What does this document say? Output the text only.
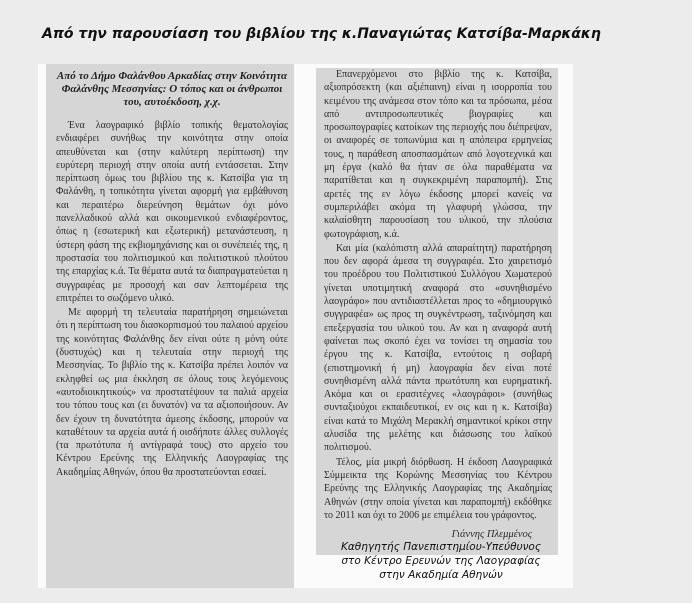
Από την παρουσίαση του βιβλίου της κ.Παναγιώτας Κατσίβα-Μαρκάκη

Από το Δήμο Φαλάνθου Αρκαδίας στην Κοινότητα Φαλάνθης Μεσσηνίας: Ο τόπος και οι άνθρωποι του, αυτοέκδοση, χ.χ.

Ένα λαογραφικό βιβλίο τοπικής θεματολογίας ενδιαφέρει συνήθως την κοινότητα στην οποία απευθύνεται και (στην καλύτερη περίπτωση) την ευρύτερη περιοχή στην οποία αυτή εντάσσεται. Στην περίπτωση όμως του βιβλίου της κ. Κατσίβα για τη Φαλάνθη, η τοπικότητα γίνεται αφορμή για εμβάθυνση και περαιτέρω διερεύνηση θεμάτων όχι μόνο πανελλαδικού αλλά και οικουμενικού ενδιαφέροντος, όπως η (εσωτερική και εξωτερική) μετανάστευση, η ύστερη φάση της εκβιομηχάνισης και οι συνέπειές της, η προστασία του πολιτισμικού και πολιτιστικού πλούτου της επαρχίας κ.ά. Τα θέματα αυτά τα διαπραγματεύεται η συγγραφέας με προσοχή και σαν λεπτομέρεια της επιτρέπει το σωζόμενο υλικό.

Με αφορμή τη τελευταία παρατήρηση σημειώνεται ότι η περίπτωση του διασκορπισμού του παλαιού αρχείου της κοινότητας Φαλάνθης δεν είναι ούτε η μόνη ούτε (δυστυχώς) και η τελευταία στην περιοχή της Μεσσηνίας. Το βιβλίο της κ. Κατσίβα πρέπει λοιπόν να εκληφθεί ως μια έκκληση σε όλους τους λεγόμενους «αυτοδιοικητικούς» να προστατέψουν τα παλιά αρχεία του τόπου τους και (ει δυνατόν) να τα αξιοποιήσουν. Αν δεν έχουν τη δυνατότητα άμεσης έκδοσης, μπορούν να καταθέτουν τα αρχεία αυτά ή οισδήποτε άλλες συλλογές (τα πρωτότυπα ή αντίγραφά τους) στο αρχείο του Κέντρου Ερεύνης της Ελληνικής Λαογραφίας της Ακαδημίας Αθηνών, όπου θα προστατεύονται εσαεί.

Επανερχόμενοι στο βιβλίο της κ. Κατσίβα, αξιοπρόσεκτη (και αξιέπαινη) είναι η ισορροπία του κειμένου της ανάμεσα στον τόπο και τα πρόσωπα, μέσα από αντιπροσωπευτικές βιογραφίες και προσωπογραφίες κατοίκων της περιοχής που διέπρεψαν, οι αναφορές σε τοπωνύμια και η απόπειρα ερμηνείας τους, η παράθεση αποσπασμάτων από λογοτεχνικά και μη έργα (καλό θα ήταν σε όλα παραθέματα να παρατίθεται και η συγκεκριμένη παραπομπή). Στις αρετές της εν λόγω έκδοσης μπορεί κανείς να συμπεριλάβει ακόμα τη γλαφυρή γλώσσα, την καλαίσθητη παρουσίαση του υλικού, την πλούσια φωτογράφιση, κ.ά.

Και μία (καλόπιστη αλλά απαραίτητη) παρατήρηση που δεν αφορά άμεσα τη συγγραφέα. Στο χαιρετισμό του προέδρου του Πολιτιστικού Συλλόγου Χωματερού γίνεται υποτιμητική αναφορά στο «συνηθισμένο λαογράφο» που αντιδιαστέλλεται προς το «δημιουργικό συγγραφέα» ως προς τη συγκέντρωση, ταξινόμηση και επεξεργασία του υλικού του. Αν και η αναφορά αυτή φαίνεται πως σκοπό έχει να τονίσει τη σημασία του έργου της κ. Κατσίβα, εντούτοις η σοβαρή (επιστημονική ή μη) λαογραφία δεν είναι ποτέ συνηθισμένη αλλά πάντα πρωτότυπη και ευρηματική. Ακόμα και οι ερασιτέχνες «λαογράφοι» (συνήθως συνταξιούχοι εκπαιδευτικοί, εν οις και η κ. Κατσίβα) είναι κατά το Μιχάλη Μερακλή σημαντικοί κρίκοι στην αλυσίδα της μελέτης και διάσωσης του λαϊκού πολιτισμού.

Τέλος, μία μικρή διόρθωση. Η έκδοση Λαογραφικά Σύμμεικτα της Κορώνης Μεσσηνίας του Κέντρου Ερεύνης της Ελληνικής Λαογραφίας της Ακαδημίας Αθηνών (στην οποία γίνεται και παραπομπή) εκδόθηκε το 2011 και όχι το 2006 με επιμέλεια του γράφοντος.

Γιάννης Πλεμμένος
Καθηγητής Πανεπιστημίου-Υπεύθυνος
στο Κέντρο Ερευνών της Λαογραφίας
στην Ακαδημία Αθηνών
